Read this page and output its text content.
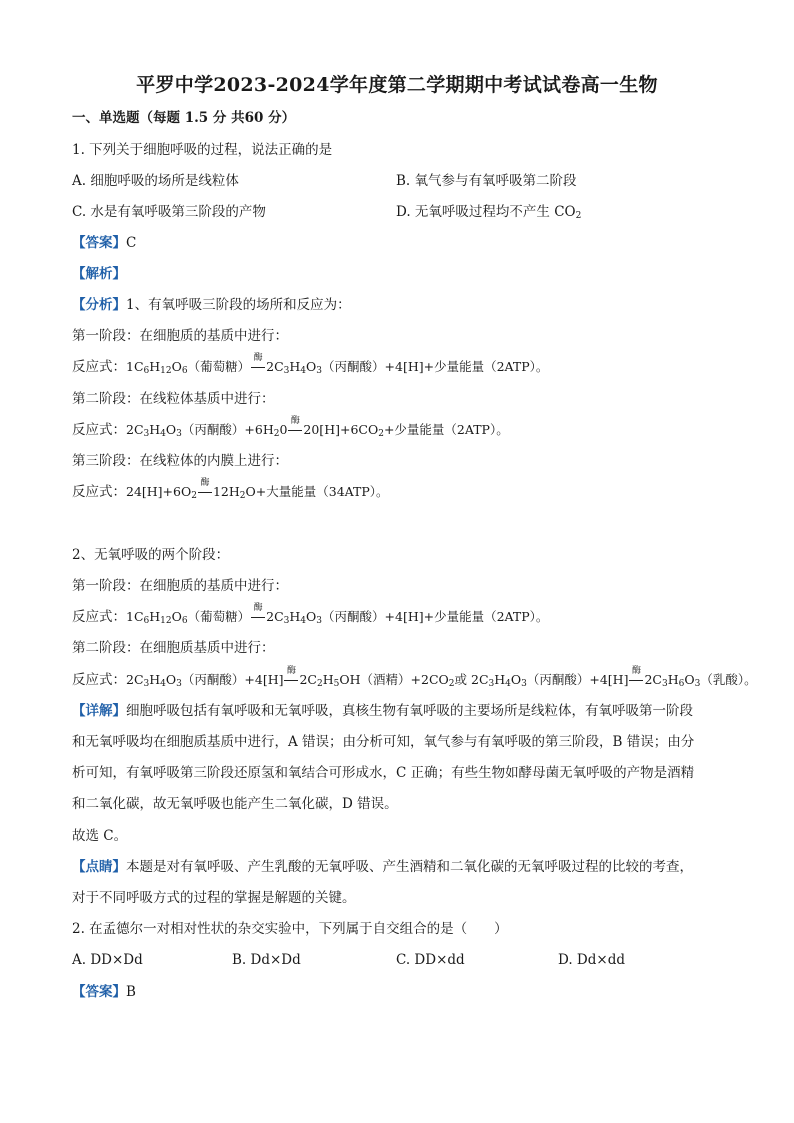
平罗中学2023-2024学年度第二学期期中考试试卷高一生物
一、单选题（每题 1.5 分 共60 分）
1. 下列关于细胞呼吸的过程，说法正确的是
A. 细胞呼吸的场所是线粒体	B. 氧气参与有氧呼吸第二阶段
C. 水是有氧呼吸第三阶段的产物	D. 无氧呼吸过程均不产生 $CO_2$
【答案】C
【解析】
【分析】1、有氧呼吸三阶段的场所和反应为：
第一阶段：在细胞质的基质中进行：
反应式：$1C_6H_{12}O_6$（葡萄糖）
酶
$2C_3H_4O_3$（丙酮酸）+4[H]+少量能量（2ATP）。
第二阶段：在线粒体基质中进行：
反应式：$2C_3H_4O_3$（丙酮酸）$+6H_20$
酶
$20[H]+6CO_2+$少量能量（2ATP）。
第三阶段：在线粒体的内膜上进行：
反应式：$24[H]+6O_2$
酶
$12H_2O+$大量能量（34ATP）。
2、无氧呼吸的两个阶段：
第一阶段：在细胞质的基质中进行：
反应式：$1C_6H_{12}O_6$（葡萄糖）
酶
$2C_3H_4O_3$（丙酮酸）+4[H]+少量能量（2ATP）。
第二阶段：在细胞质基质中进行：
反应式：$2C_3H_4O_3$（丙酮酸）+4[H]
酶
$2C_2H_5OH$（酒精）$+2CO_2$或 $2C_3H_4O_3$（丙酮酸）+4[H]
酶
$2C_3H_6O_3$（乳酸）。
【详解】细胞呼吸包括有氧呼吸和无氧呼吸，真核生物有氧呼吸的主要场所是线粒体，有氧呼吸第一阶段
和无氧呼吸均在细胞质基质中进行，A 错误；由分析可知，氧气参与有氧呼吸的第三阶段，B 错误；由分
析可知，有氧呼吸第三阶段还原氢和氧结合可形成水，C 正确；有些生物如酵母菌无氧呼吸的产物是酒精
和二氧化碳，故无氧呼吸也能产生二氧化碳，D 错误。
故选 C。
【点睛】本题是对有氧呼吸、产生乳酸的无氧呼吸、产生酒精和二氧化碳的无氧呼吸过程的比较的考查，
对于不同呼吸方式的过程的掌握是解题的关键。
2. 在孟德尔一对相对性状的杂交实验中，下列属于自交组合的是（　　）
A. DD×Dd	B. Dd×Dd	C. DD×dd	D. Dd×dd
【答案】B
